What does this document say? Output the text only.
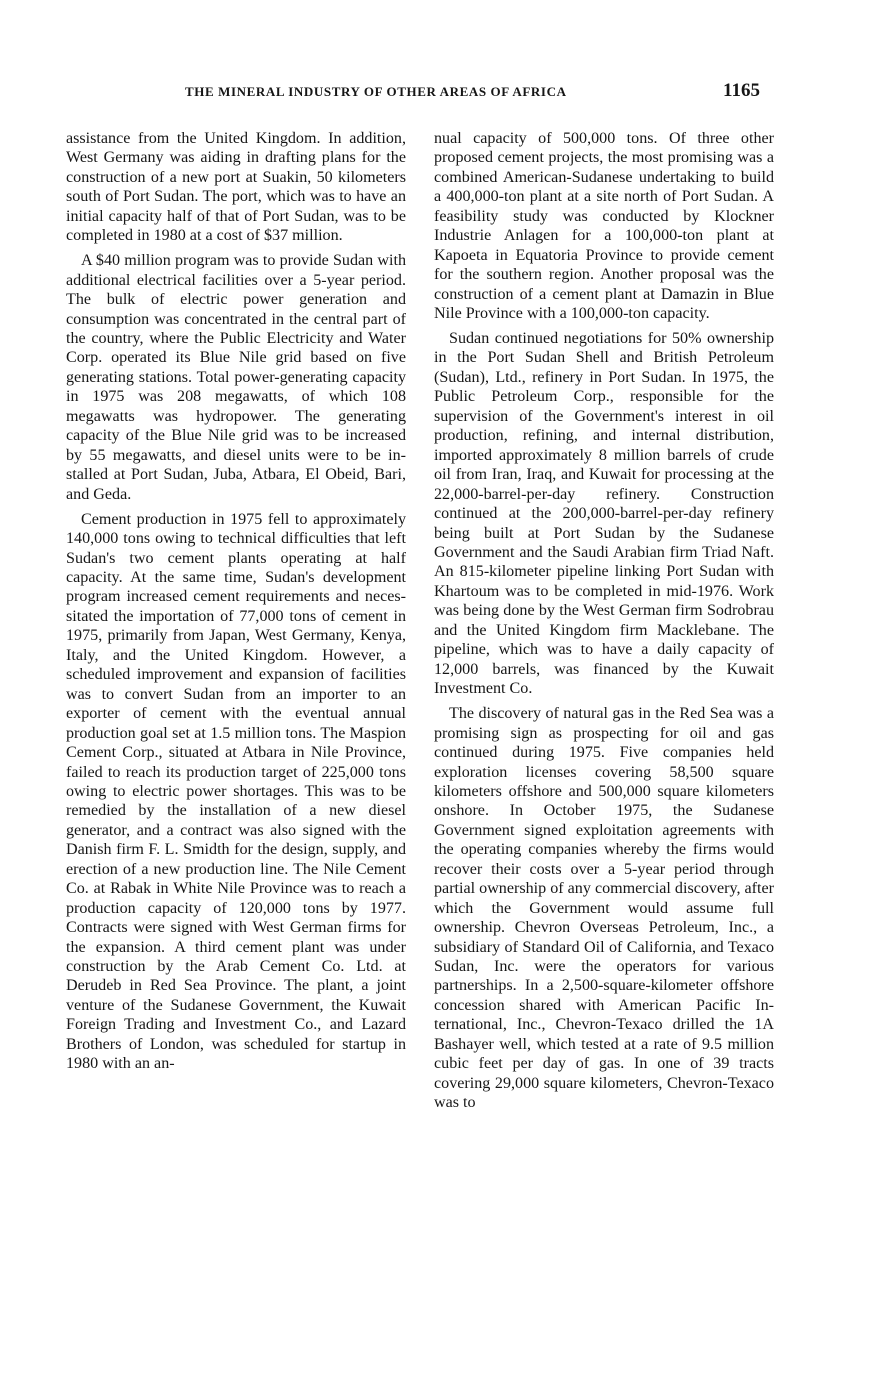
THE MINERAL INDUSTRY OF OTHER AREAS OF AFRICA	1165

assistance from the United Kingdom. In addition, West Germany was aiding in drafting plans for the construction of a new port at Suakin, 50 kilometers south of Port Sudan. The port, which was to have an initial capacity half of that of Port Sudan, was to be completed in 1980 at a cost of $37 million.

A $40 million program was to provide Sudan with additional electrical facilities over a 5-year period. The bulk of electric power generation and consumption was concentrated in the central part of the country, where the Public Electricity and Water Corp. operated its Blue Nile grid based on five generating stations. Total power-generating capacity in 1975 was 208 megawatts, of which 108 megawatts was hydropower. The generating capacity of the Blue Nile grid was to be increased by 55 megawatts, and diesel units were to be installed at Port Sudan, Juba, Atbara, El Obeid, Bari, and Geda.

Cement production in 1975 fell to approximately 140,000 tons owing to technical difficulties that left Sudan's two cement plants operating at half capacity. At the same time, Sudan's development program increased cement requirements and necessitated the importation of 77,000 tons of cement in 1975, primarily from Japan, West Germany, Kenya, Italy, and the United Kingdom. However, a scheduled improvement and expansion of facilities was to convert Sudan from an importer to an exporter of cement with the eventual annual production goal set at 1.5 million tons. The Maspion Cement Corp., situated at Atbara in Nile Province, failed to reach its production target of 225,000 tons owing to electric power shortages. This was to be remedied by the installation of a new diesel generator, and a contract was also signed with the Danish firm F. L. Smidth for the design, supply, and erection of a new production line. The Nile Cement Co. at Rabak in White Nile Province was to reach a production capacity of 120,000 tons by 1977. Contracts were signed with West German firms for the expansion. A third cement plant was under construction by the Arab Cement Co. Ltd. at Derudeb in Red Sea Province. The plant, a joint venture of the Sudanese Government, the Kuwait Foreign Trading and Investment Co., and Lazard Brothers of London, was scheduled for startup in 1980 with an an-

nual capacity of 500,000 tons. Of three other proposed cement projects, the most promising was a combined American-Sudanese undertaking to build a 400,000-ton plant at a site north of Port Sudan. A feasibility study was conducted by Klockner Industrie Anlagen for a 100,000-ton plant at Kapoeta in Equatoria Province to provide cement for the southern region. Another proposal was the construction of a cement plant at Damazin in Blue Nile Province with a 100,000-ton capacity.

Sudan continued negotiations for 50% ownership in the Port Sudan Shell and British Petroleum (Sudan), Ltd., refinery in Port Sudan. In 1975, the Public Petroleum Corp., responsible for the supervision of the Government's interest in oil production, refining, and internal distribution, imported approximately 8 million barrels of crude oil from Iran, Iraq, and Kuwait for processing at the 22,000-barrel-per-day refinery. Construction continued at the 200,000-barrel-per-day refinery being built at Port Sudan by the Sudanese Government and the Saudi Arabian firm Triad Naft. An 815-kilometer pipeline linking Port Sudan with Khartoum was to be completed in mid-1976. Work was being done by the West German firm Sodrobrau and the United Kingdom firm Macklebane. The pipeline, which was to have a daily capacity of 12,000 barrels, was financed by the Kuwait Investment Co.

The discovery of natural gas in the Red Sea was a promising sign as prospecting for oil and gas continued during 1975. Five companies held exploration licenses covering 58,500 square kilometers offshore and 500,000 square kilometers onshore. In October 1975, the Sudanese Government signed exploitation agreements with the operating companies whereby the firms would recover their costs over a 5-year period through partial ownership of any commercial discovery, after which the Government would assume full ownership. Chevron Overseas Petroleum, Inc., a subsidiary of Standard Oil of California, and Texaco Sudan, Inc. were the operators for various partnerships. In a 2,500-square-kilometer offshore concession shared with American Pacific International, Inc., Chevron-Texaco drilled the 1A Bashayer well, which tested at a rate of 9.5 million cubic feet per day of gas. In one of 39 tracts covering 29,000 square kilometers, Chevron-Texaco was to
